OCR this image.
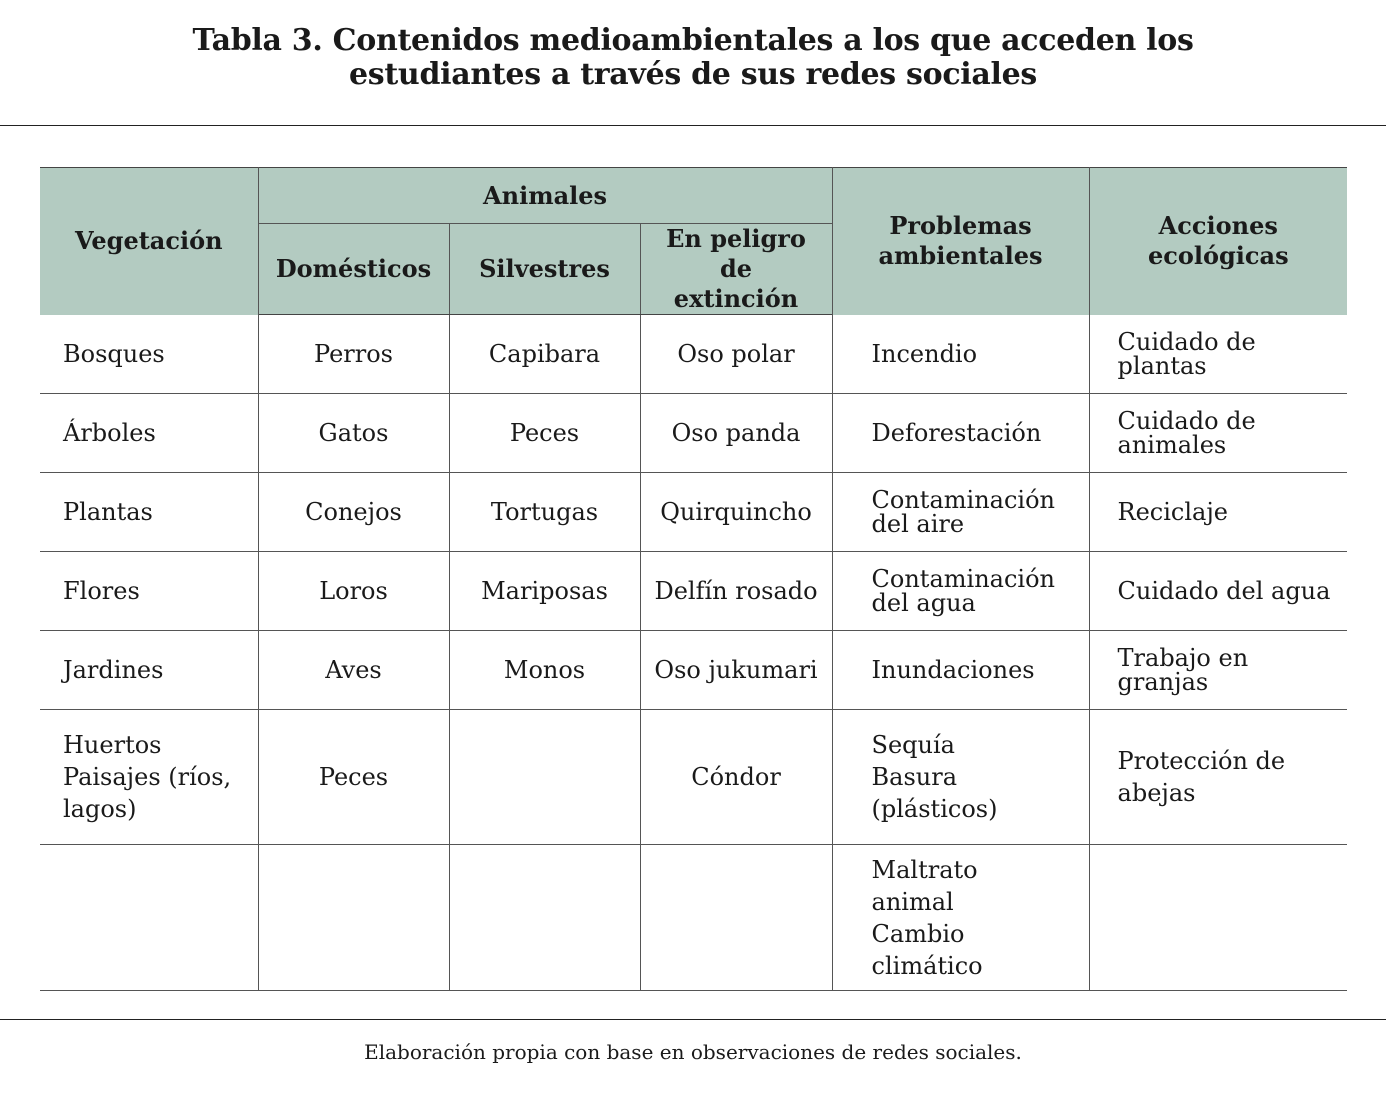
Tabla 3. Contenidos medioambientales a los que acceden los
estudiantes a través de sus redes sociales
Vegetación	Animales			Problemas
ambientales	Acciones
ecológicas

	Domésticos	Silvestres	En peligro de
extinción		

Bosques	Perros	Capibara	Oso polar	Incendio	Cuidado de
plantas

Árboles	Gatos	Peces	Oso panda	Deforestación	Cuidado de
animales

Plantas	Conejos	Tortugas	Quirquincho	Contaminación
del aire	Reciclaje

Flores	Loros	Mariposas	Delfín rosado	Contaminación
del agua	Cuidado del agua

Jardines	Aves	Monos	Oso jukumari	Inundaciones	Trabajo en
granjas

Huertos
Paisajes (ríos,
lagos)	Peces		Cóndor	Sequía
Basura
(plásticos)	Protección de
abejas

				Maltrato
animal
Cambio
climático	

Elaboración propia con base en observaciones de redes sociales.
